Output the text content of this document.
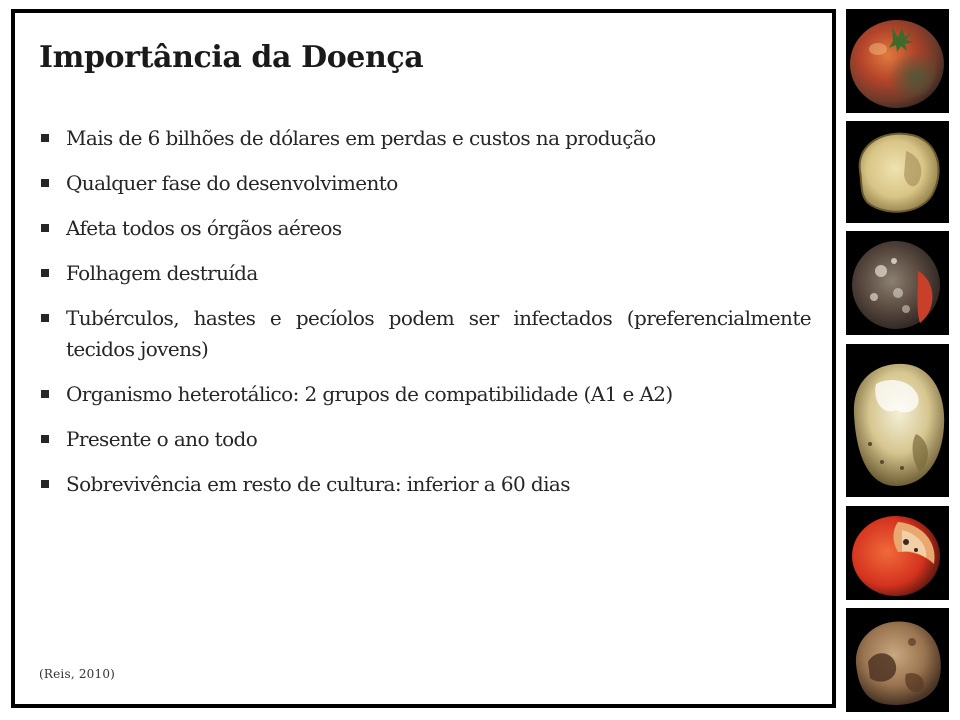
Importância da Doença
Mais de 6 bilhões de dólares em perdas e custos na produção
Qualquer fase do desenvolvimento
Afeta todos os órgãos aéreos
Folhagem destruída
Tubérculos, hastes e pecíolos podem ser infectados (preferencialmente tecidos jovens)
Organismo heterotálico: 2 grupos de compatibilidade (A1 e A2)
Presente o ano todo
Sobrevivência em resto de cultura: inferior a 60 dias

(Reis, 2010)
